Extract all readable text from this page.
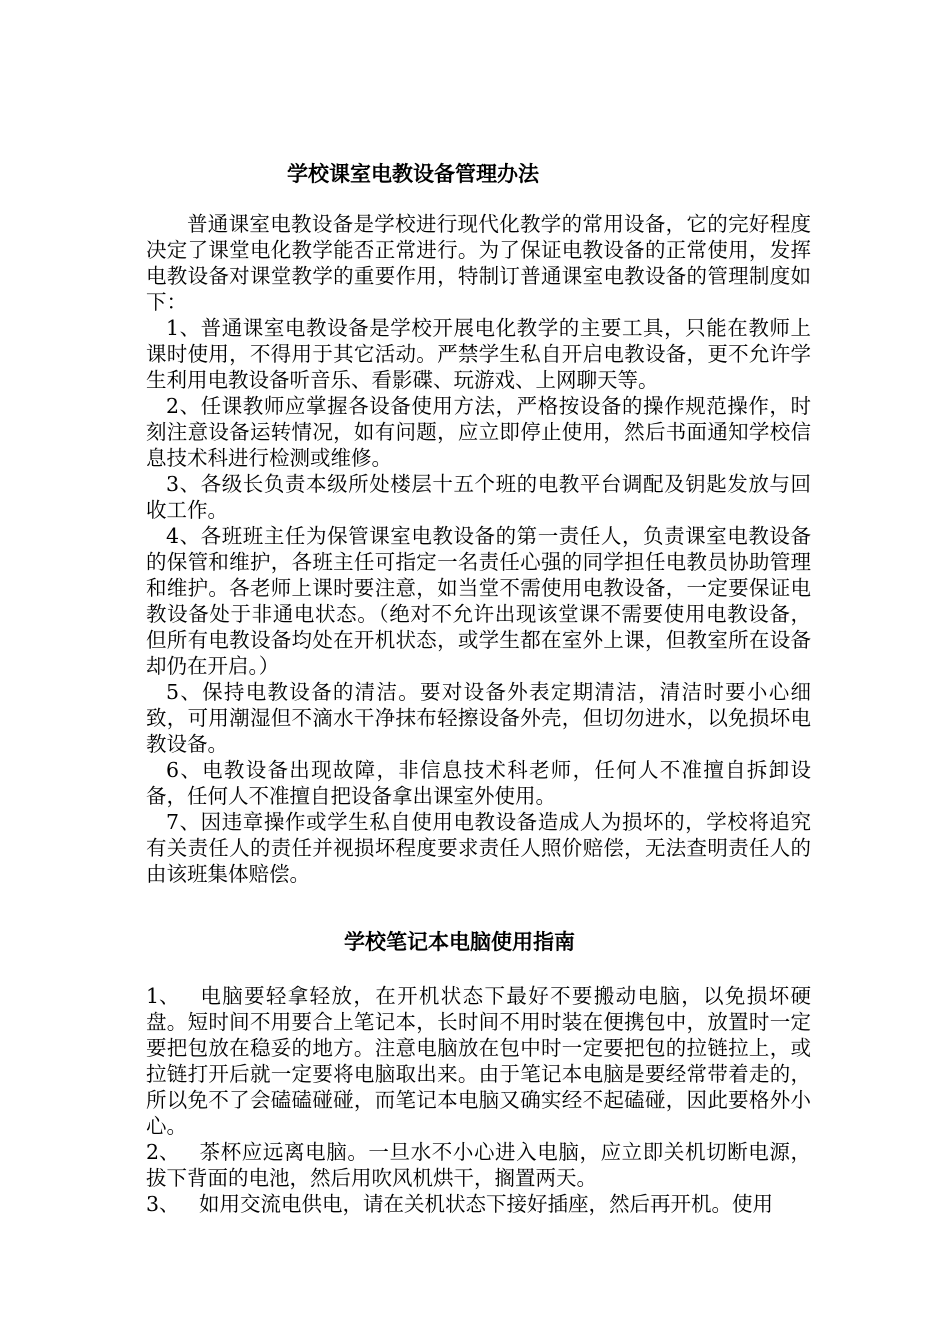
学校课室电教设备管理办法

普通课室电教设备是学校进行现代化教学的常用设备，它的完好程度决定了课堂电化教学能否正常进行。为了保证电教设备的正常使用，发挥电教设备对课堂教学的重要作用，特制订普通课室电教设备的管理制度如下：

1、普通课室电教设备是学校开展电化教学的主要工具，只能在教师上课时使用，不得用于其它活动。严禁学生私自开启电教设备，更不允许学生利用电教设备听音乐、看影碟、玩游戏、上网聊天等。

2、任课教师应掌握各设备使用方法，严格按设备的操作规范操作，时刻注意设备运转情况，如有问题，应立即停止使用，然后书面通知学校信息技术科进行检测或维修。

3、各级长负责本级所处楼层十五个班的电教平台调配及钥匙发放与回收工作。

4、各班班主任为保管课室电教设备的第一责任人，负责课室电教设备的保管和维护，各班主任可指定一名责任心强的同学担任电教员协助管理和维护。各老师上课时要注意，如当堂不需使用电教设备，一定要保证电教设备处于非通电状态。（绝对不允许出现该堂课不需要使用电教设备，但所有电教设备均处在开机状态，或学生都在室外上课，但教室所在设备却仍在开启。）

5、保持电教设备的清洁。要对设备外表定期清洁，清洁时要小心细致，可用潮湿但不滴水干净抹布轻擦设备外壳，但切勿进水，以免损坏电教设备。

6、电教设备出现故障，非信息技术科老师，任何人不准擅自拆卸设备，任何人不准擅自把设备拿出课室外使用。

7、因违章操作或学生私自使用电教设备造成人为损坏的，学校将追究有关责任人的责任并视损坏程度要求责任人照价赔偿，无法查明责任人的由该班集体赔偿。

学校笔记本电脑使用指南

1、 电脑要轻拿轻放，在开机状态下最好不要搬动电脑，以免损坏硬盘。短时间不用要合上笔记本，长时间不用时装在便携包中，放置时一定要把包放在稳妥的地方。注意电脑放在包中时一定要把包的拉链拉上，或拉链打开后就一定要将电脑取出来。由于笔记本电脑是要经常带着走的，所以免不了会磕磕碰碰，而笔记本电脑又确实经不起磕碰，因此要格外小心。

2、 茶杯应远离电脑。一旦水不小心进入电脑，应立即关机切断电源，拔下背面的电池，然后用吹风机烘干，搁置两天。

3、 如用交流电供电，请在关机状态下接好插座，然后再开机。使用
